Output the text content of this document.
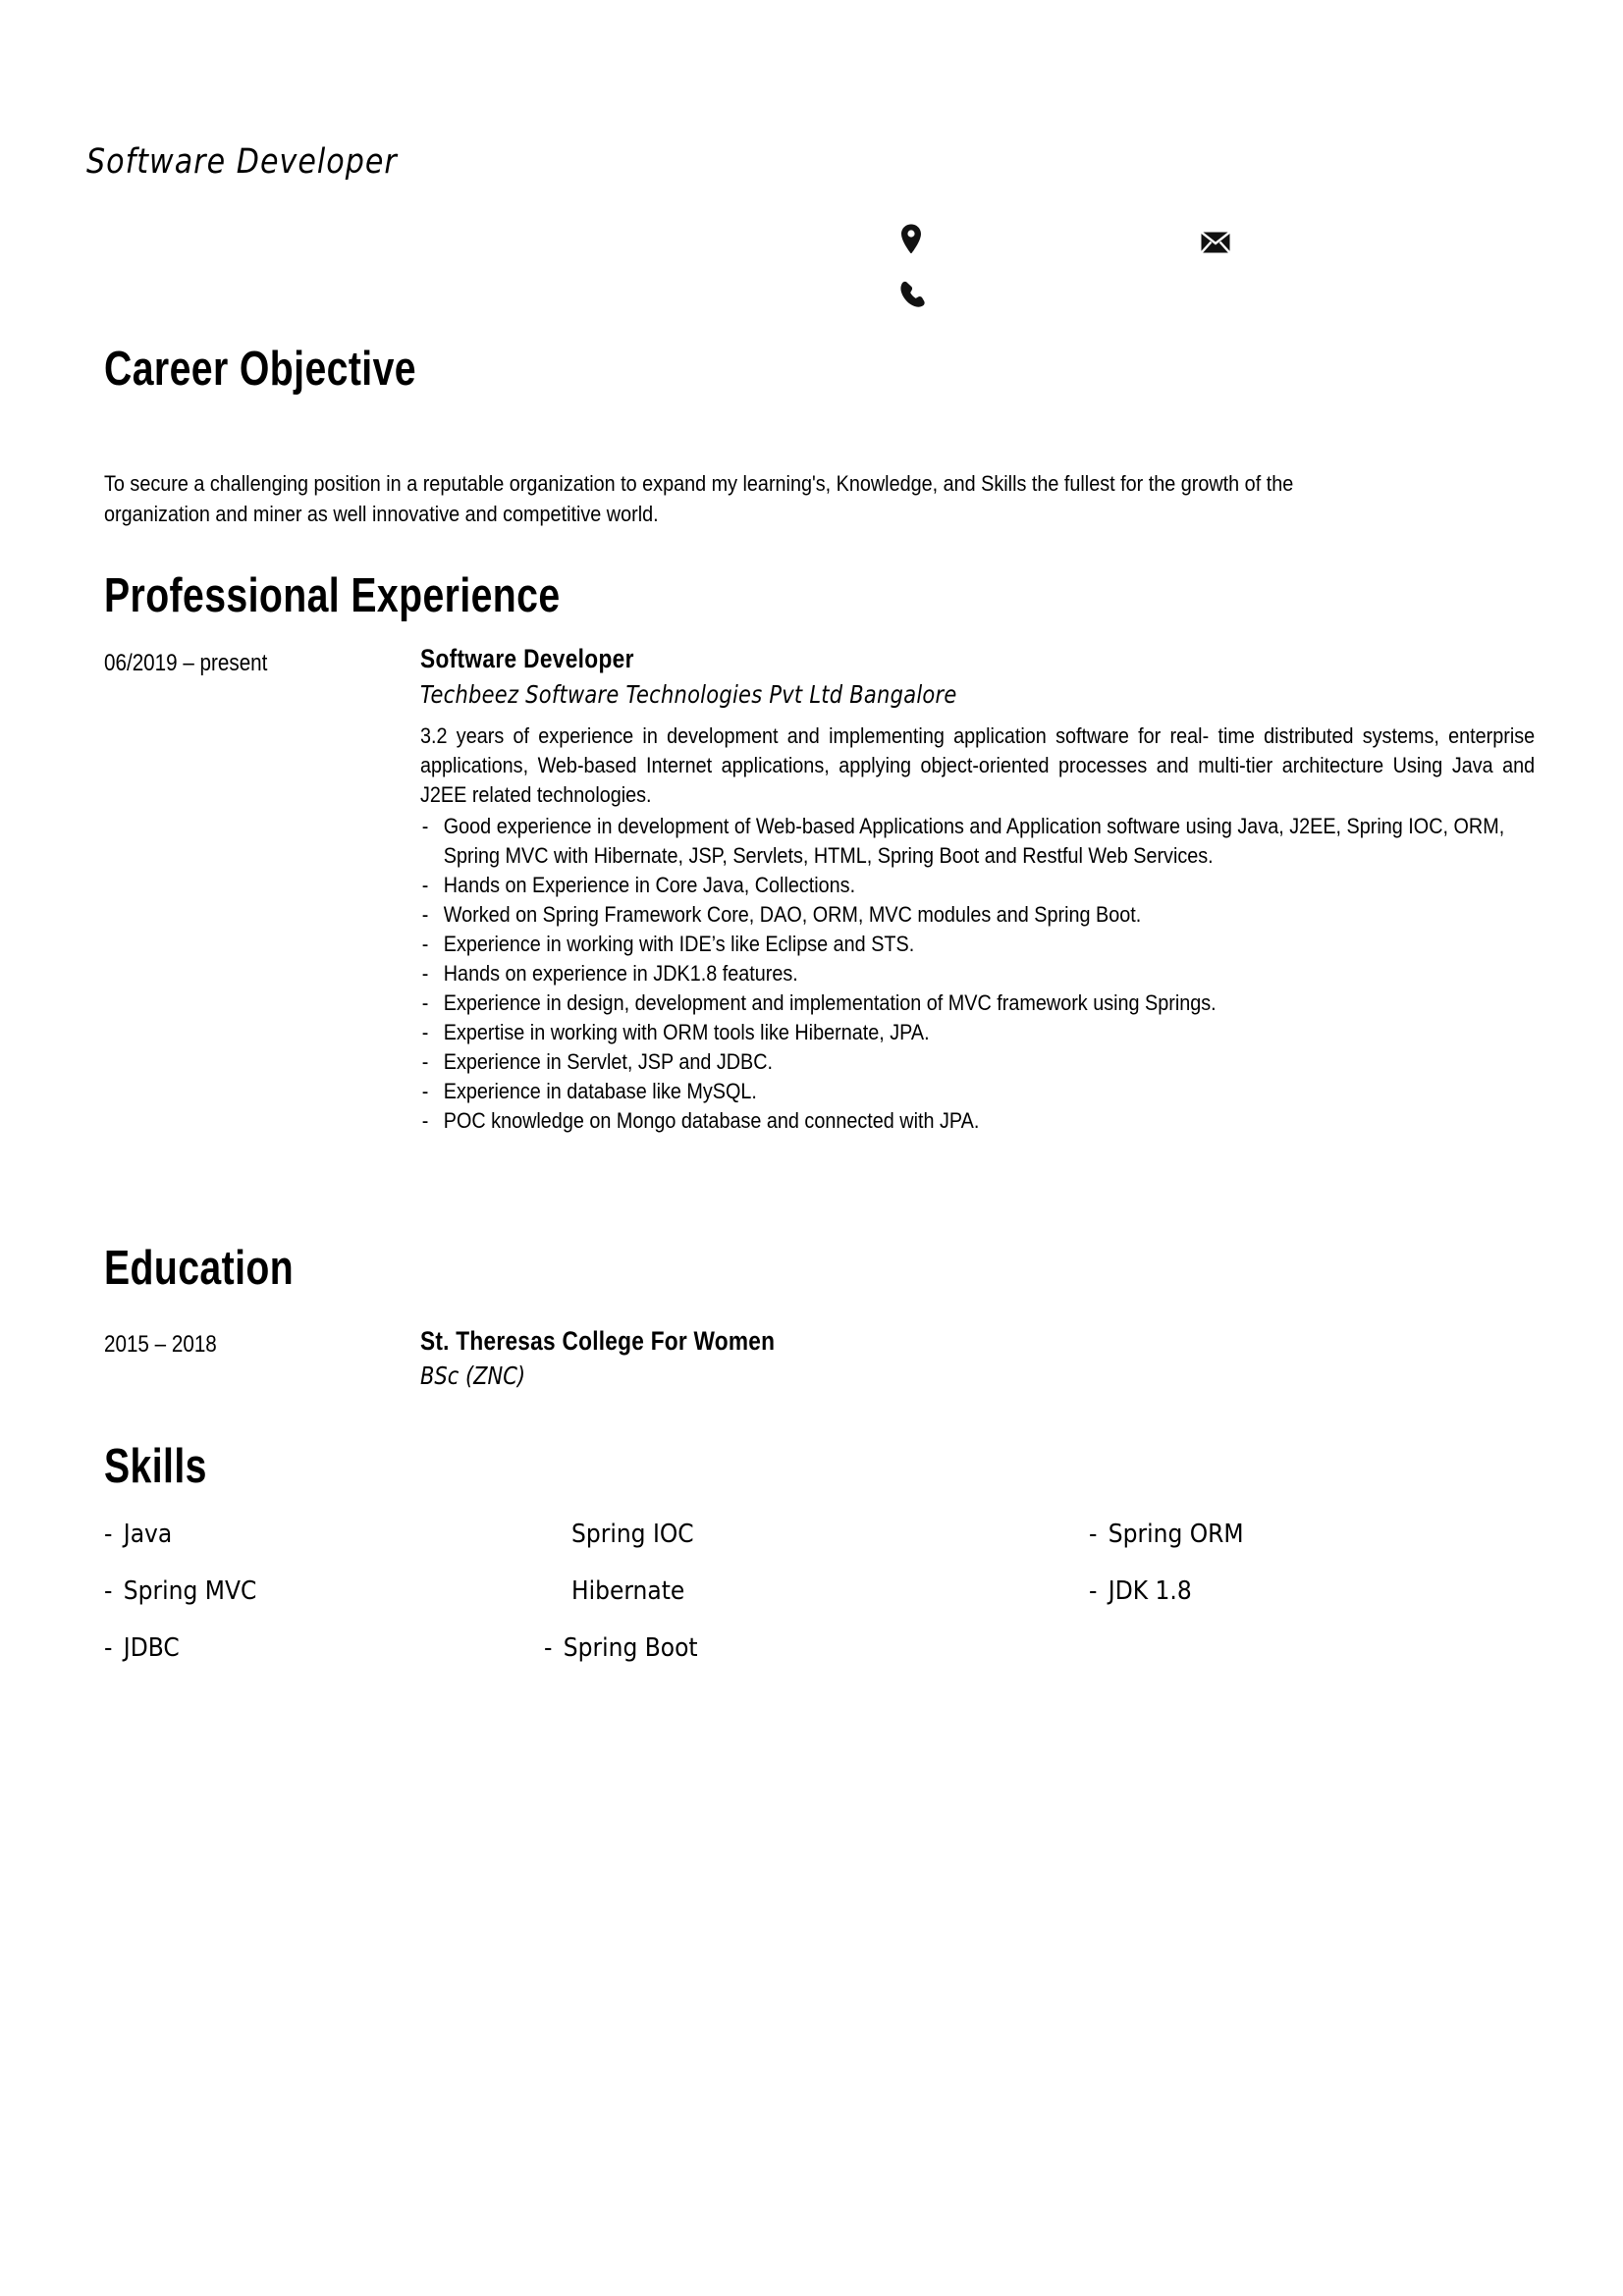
Software Developer
Career Objective

To secure a challenging position in a reputable organization to expand my learning's, Knowledge, and Skills the fullest for the growth of the organization and miner as well innovative and competitive world.

Professional Experience
06/2019 – present	Software Developer
Techbeez Software Technologies Pvt Ltd Bangalore
3.2 years of experience in development and implementing application software for real- time distributed systems, enterprise applications, Web-based Internet applications, applying object-oriented processes and multi-tier architecture Using Java and J2EE related technologies.
- Good experience in development of Web-based Applications and Application software using Java, J2EE, Spring IOC, ORM, Spring MVC with Hibernate, JSP, Servlets, HTML, Spring Boot and Restful Web Services.
- Hands on Experience in Core Java, Collections.
- Worked on Spring Framework Core, DAO, ORM, MVC modules and Spring Boot.
- Experience in working with IDE’s like Eclipse and STS.
- Hands on experience in JDK1.8 features.
- Experience in design, development and implementation of MVC framework using Springs.
- Expertise in working with ORM tools like Hibernate, JPA.
- Experience in Servlet, JSP and JDBC.
- Experience in database like MySQL.
- POC knowledge on Mongo database and connected with JPA.
Education
2015 – 2018	St. Theresas College For Women
BSc (ZNC)
Skills
- Java
- Spring MVC
- JDBC
Spring IOC
Hibernate
- Spring Boot
- Spring ORM
- JDK 1.8
